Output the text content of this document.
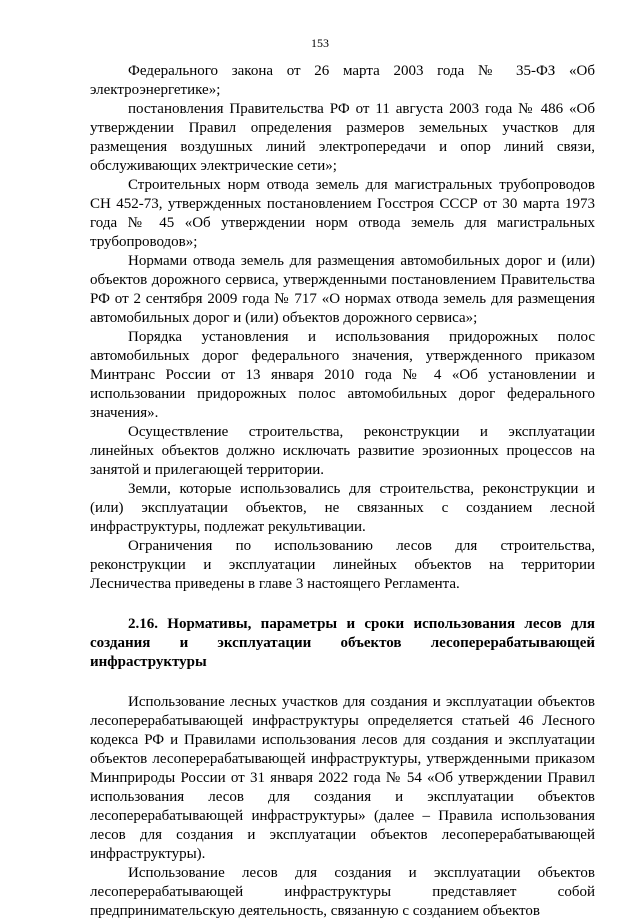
153

Федерального закона от 26 марта 2003 года № 35-ФЗ «Об электроэнергетике»;

постановления Правительства РФ от 11 августа 2003 года № 486 «Об утверждении Правил определения размеров земельных участков для размещения воздушных линий электропередачи и опор линий связи, обслуживающих электрические сети»;

Строительных норм отвода земель для магистральных трубопроводов СН 452-73, утвержденных постановлением Госстроя СССР от 30 марта 1973 года № 45 «Об утверждении норм отвода земель для магистральных трубопроводов»;

Нормами отвода земель для размещения автомобильных дорог и (или) объектов дорожного сервиса, утвержденными постановлением Правительства РФ от 2 сентября 2009 года № 717 «О нормах отвода земель для размещения автомобильных дорог и (или) объектов дорожного сервиса»;

Порядка установления и использования придорожных полос автомобильных дорог федерального значения, утвержденного приказом Минтранс России от 13 января 2010 года № 4 «Об установлении и использовании придорожных полос автомобильных дорог федерального значения».

Осуществление строительства, реконструкции и эксплуатации линейных объектов должно исключать развитие эрозионных процессов на занятой и прилегающей территории.

Земли, которые использовались для строительства, реконструкции и (или) эксплуатации объектов, не связанных с созданием лесной инфраструктуры, подлежат рекультивации.

Ограничения по использованию лесов для строительства, реконструкции и эксплуатации линейных объектов на территории Лесничества приведены в главе 3 настоящего Регламента.

2.16. Нормативы, параметры и сроки использования лесов для создания и эксплуатации объектов лесоперерабатывающей инфраструктуры

Использование лесных участков для создания и эксплуатации объектов лесоперерабатывающей инфраструктуры определяется статьей 46 Лесного кодекса РФ и Правилами использования лесов для создания и эксплуатации объектов лесоперерабатывающей инфраструктуры, утвержденными приказом Минприроды России от 31 января 2022 года № 54 «Об утверждении Правил использования лесов для создания и эксплуатации объектов лесоперерабатывающей инфраструктуры» (далее – Правила использования лесов для создания и эксплуатации объектов лесоперерабатывающей инфраструктуры).

Использование лесов для создания и эксплуатации объектов лесоперерабатывающей инфраструктуры представляет собой предпринимательскую деятельность, связанную с созданием объектов
